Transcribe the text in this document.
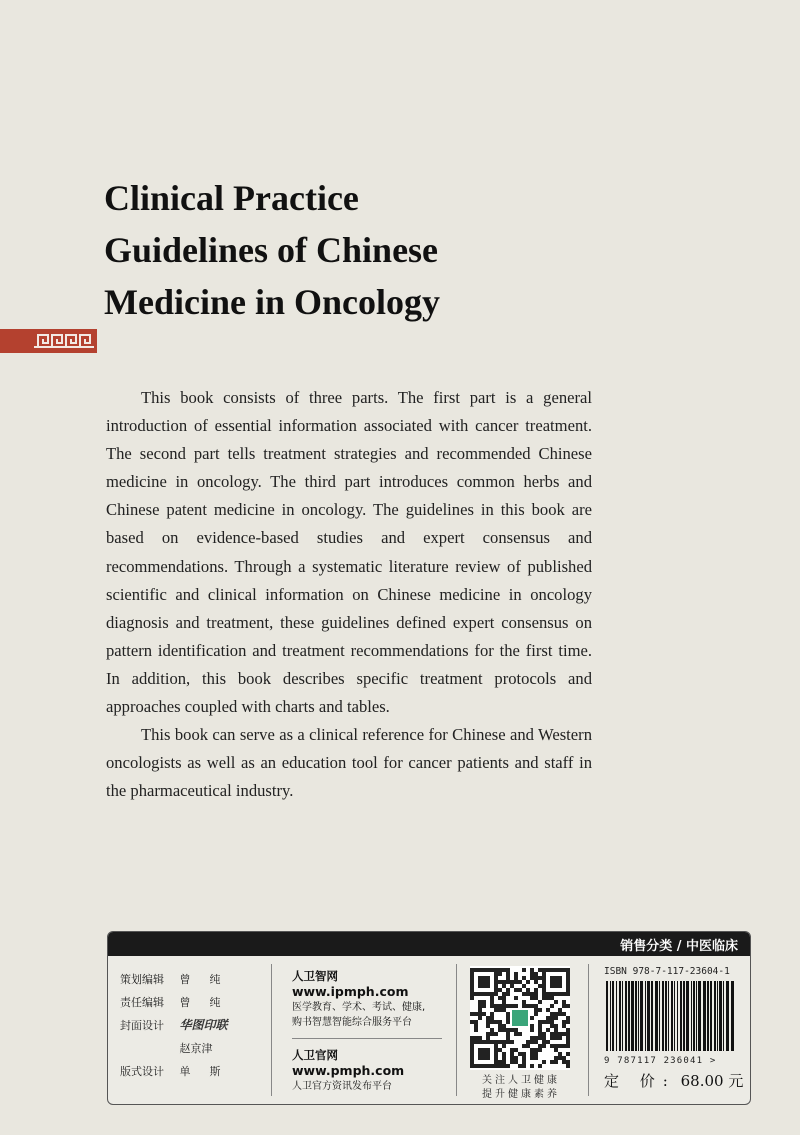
Clinical Practice
Guidelines of Chinese
Medicine in Oncology

This book consists of three parts. The first part is a general introduction of essential information associated with cancer treatment. The second part tells treatment strategies and recommended Chinese medicine in oncology. The third part introduces common herbs and Chinese patent medicine in oncology. The guidelines in this book are based on evidence-based studies and expert consensus and recommendations. Through a systematic literature review of published scientific and clinical information on Chinese medicine in oncology diagnosis and treatment, these guidelines defined expert consensus on pattern identification and treatment recommendations for the first time. In addition, this book describes specific treatment protocols and approaches coupled with charts and tables.

This book can serve as a clinical reference for Chinese and Western oncologists as well as an education tool for cancer patients and staff in the pharmaceutical industry.

销售分类 / 中医临床
策划编辑 曾　纯
责任编辑 曾　纯
封面设计 华图印联
赵京津
版式设计 单　斯
人卫智网
www.ipmph.com
医学教育、学术、考试、健康,
购书智慧智能综合服务平台
人卫官网
www.pmph.com
人卫官方资讯发布平台
关注人卫健康
提升健康素养
ISBN 978-7-117-23604-1
9 787117 236041 >
定 价: 68.00 元
